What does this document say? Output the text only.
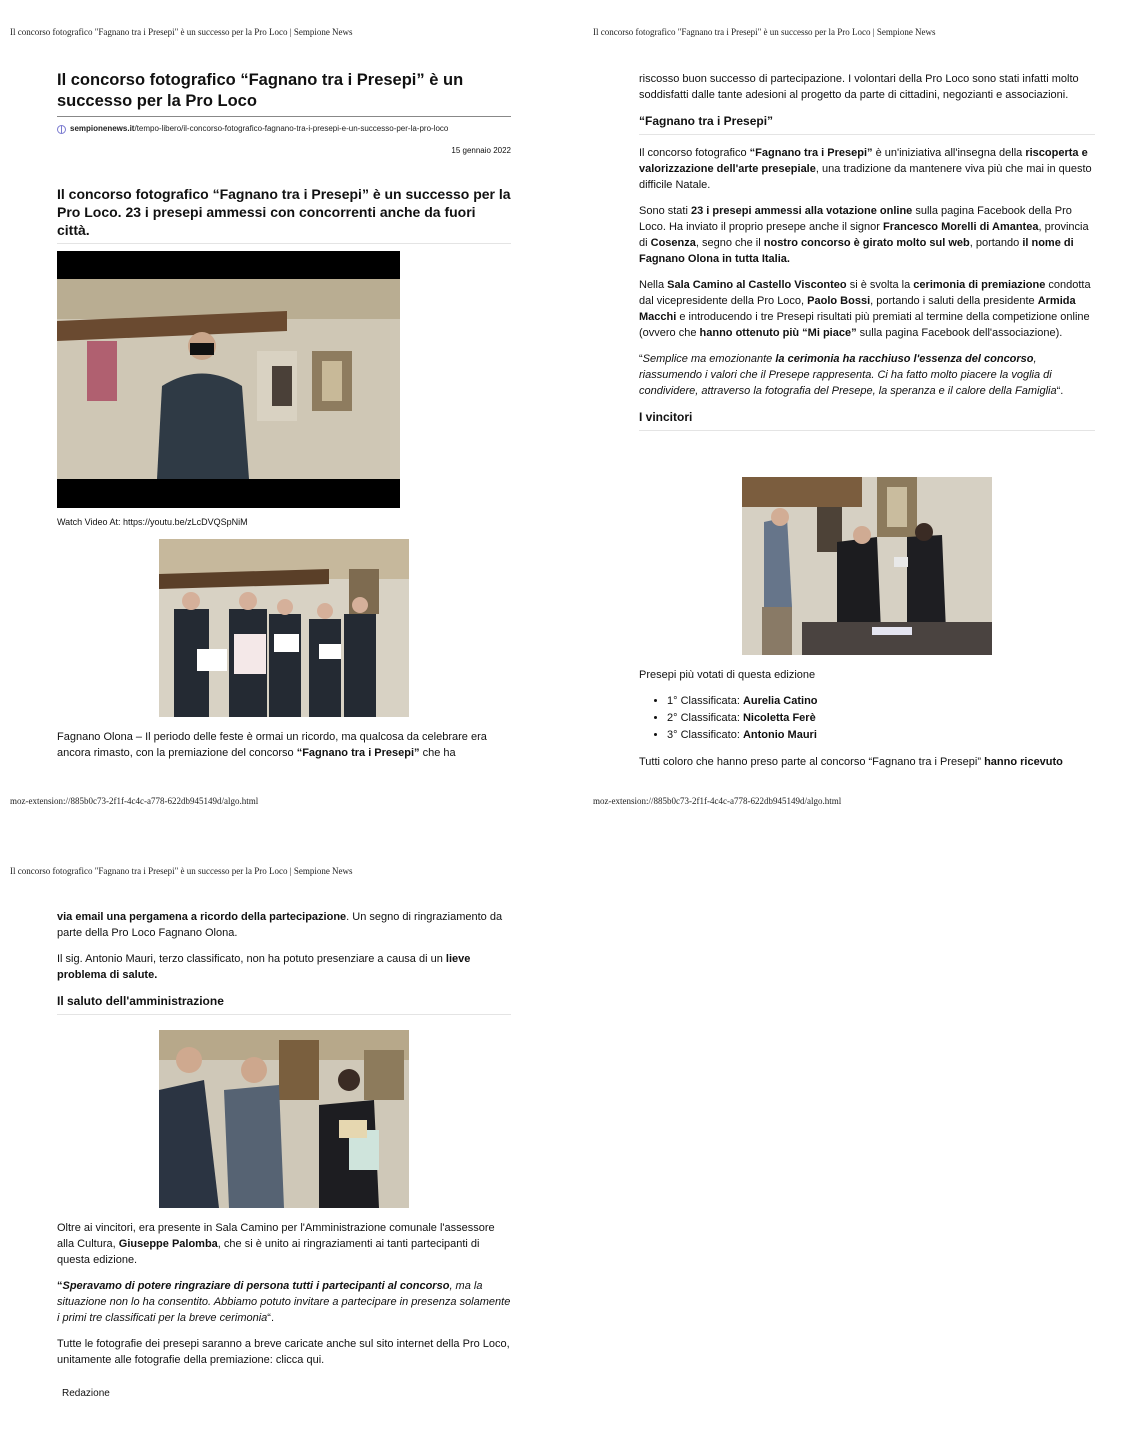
Il concorso fotografico "Fagnano tra i Presepi" è un successo per la Pro Loco | Sempione News	Il concorso fotografico "Fagnano tra i Presepi" è un successo per la Pro Loco | Sempione News
Il concorso fotografico "Fagnano tra i Presepi" è un successo per la Pro Loco | Sempione News
Il concorso fotografico “Fagnano tra i Presepi” è un successo per la Pro Loco
sempionenews.it/tempo-libero/il-concorso-fotografico-fagnano-tra-i-presepi-e-un-successo-per-la-pro-loco
15 gennaio 2022
Il concorso fotografico “Fagnano tra i Presepi” è un successo per la Pro Loco. 23 i presepi ammessi con concorrenti anche da fuori città.
Watch Video At: https://youtu.be/zLcDVQSpNiM

Fagnano Olona – Il periodo delle feste è ormai un ricordo, ma qualcosa da celebrare era ancora rimasto, con la premiazione del concorso “Fagnano tra i Presepi” che ha

moz-extension://885b0c73-2f1f-4c4c-a778-622db945149d/algo.html	moz-extension://885b0c73-2f1f-4c4c-a778-622db945149d/algo.html

riscosso buon successo di partecipazione. I volontari della Pro Loco sono stati infatti molto soddisfatti dalle tante adesioni al progetto da parte di cittadini, negozianti e associazioni.

“Fagnano tra i Presepi”

Il concorso fotografico “Fagnano tra i Presepi” è un'iniziativa all'insegna della riscoperta e valorizzazione dell'arte presepiale, una tradizione da mantenere viva più che mai in questo difficile Natale.

Sono stati 23 i presepi ammessi alla votazione online sulla pagina Facebook della Pro Loco. Ha inviato il proprio presepe anche il signor Francesco Morelli di Amantea, provincia di Cosenza, segno che il nostro concorso è girato molto sul web, portando il nome di Fagnano Olona in tutta Italia.

Nella Sala Camino al Castello Visconteo si è svolta la cerimonia di premiazione condotta dal vicepresidente della Pro Loco, Paolo Bossi, portando i saluti della presidente Armida Macchi e introducendo i tre Presepi risultati più premiati al termine della competizione online (ovvero che hanno ottenuto più “Mi piace” sulla pagina Facebook dell'associazione).

“Semplice ma emozionante la cerimonia ha racchiuso l'essenza del concorso, riassumendo i valori che il Presepe rappresenta. Ci ha fatto molto piacere la voglia di condividere, attraverso la fotografia del Presepe, la speranza e il calore della Famiglia“.

I vincitori

Presepi più votati di questa edizione

• 1° Classificata: Aurelia Catino
• 2° Classificata: Nicoletta Ferè
• 3° Classificato: Antonio Mauri

Tutti coloro che hanno preso parte al concorso “Fagnano tra i Presepi” hanno ricevuto

via email una pergamena a ricordo della partecipazione. Un segno di ringraziamento da parte della Pro Loco Fagnano Olona.

Il sig. Antonio Mauri, terzo classificato, non ha potuto presenziare a causa di un lieve problema di salute.

Il saluto dell'amministrazione

Oltre ai vincitori, era presente in Sala Camino per l'Amministrazione comunale l'assessore alla Cultura, Giuseppe Palomba, che si è unito ai ringraziamenti ai tanti partecipanti di questa edizione.

“Speravamo di potere ringraziare di persona tutti i partecipanti al concorso, ma la situazione non lo ha consentito. Abbiamo potuto invitare a partecipare in presenza solamente i primi tre classificati per la breve cerimonia“.

Tutte le fotografie dei presepi saranno a breve caricate anche sul sito internet della Pro Loco, unitamente alle fotografie della premiazione: clicca qui.

Redazione
